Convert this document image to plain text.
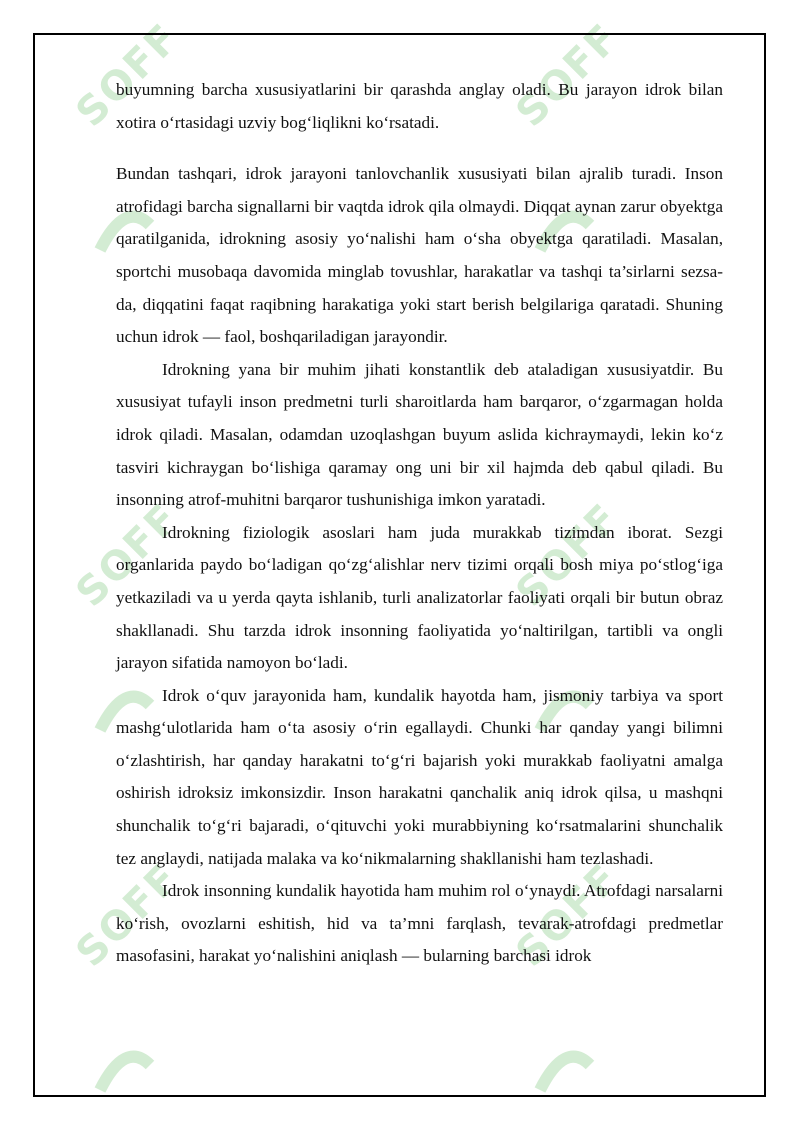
SOFF	SOFF
SOFF	SOFF
SOFF	SOFF

buyumning barcha xususiyatlarini bir qarashda anglay oladi. Bu jarayon idrok bilan xotira o‘rtasidagi uzviy bog‘liqlikni ko‘rsatadi.

Bundan tashqari, idrok jarayoni tanlovchanlik xususiyati bilan ajralib turadi. Inson atrofidagi barcha signallarni bir vaqtda idrok qila olmaydi. Diqqat aynan zarur obyektga qaratilganida, idrokning asosiy yo‘nalishi ham o‘sha obyektga qaratiladi. Masalan, sportchi musobaqa davomida minglab tovushlar, harakatlar va tashqi ta’sirlarni sezsa-da, diqqatini faqat raqibning harakatiga yoki start berish belgilariga qaratadi. Shuning uchun idrok — faol, boshqariladigan jarayondir.

Idrokning yana bir muhim jihati konstantlik deb ataladigan xususiyatdir. Bu xususiyat tufayli inson predmetni turli sharoitlarda ham barqaror, o‘zgarmagan holda idrok qiladi. Masalan, odamdan uzoqlashgan buyum aslida kichraymaydi, lekin ko‘z tasviri kichraygan bo‘lishiga qaramay ong uni bir xil hajmda deb qabul qiladi. Bu insonning atrof-muhitni barqaror tushunishiga imkon yaratadi.

Idrokning fiziologik asoslari ham juda murakkab tizimdan iborat. Sezgi organlarida paydo bo‘ladigan qo‘zg‘alishlar nerv tizimi orqali bosh miya po‘stlog‘iga yetkaziladi va u yerda qayta ishlanib, turli analizatorlar faoliyati orqali bir butun obraz shakllanadi. Shu tarzda idrok insonning faoliyatida yo‘naltirilgan, tartibli va ongli jarayon sifatida namoyon bo‘ladi.

Idrok o‘quv jarayonida ham, kundalik hayotda ham, jismoniy tarbiya va sport mashg‘ulotlarida ham o‘ta asosiy o‘rin egallaydi. Chunki har qanday yangi bilimni o‘zlashtirish, har qanday harakatni to‘g‘ri bajarish yoki murakkab faoliyatni amalga oshirish idroksiz imkonsizdir. Inson harakatni qanchalik aniq idrok qilsa, u mashqni shunchalik to‘g‘ri bajaradi, o‘qituvchi yoki murabbiyning ko‘rsatmalarini shunchalik tez anglaydi, natijada malaka va ko‘nikmalarning shakllanishi ham tezlashadi.

Idrok insonning kundalik hayotida ham muhim rol o‘ynaydi. Atrofdagi narsalarni ko‘rish, ovozlarni eshitish, hid va ta’mni farqlash, tevarak-atrofdagi predmetlar masofasini, harakat yo‘nalishini aniqlash — bularning barchasi idrok
